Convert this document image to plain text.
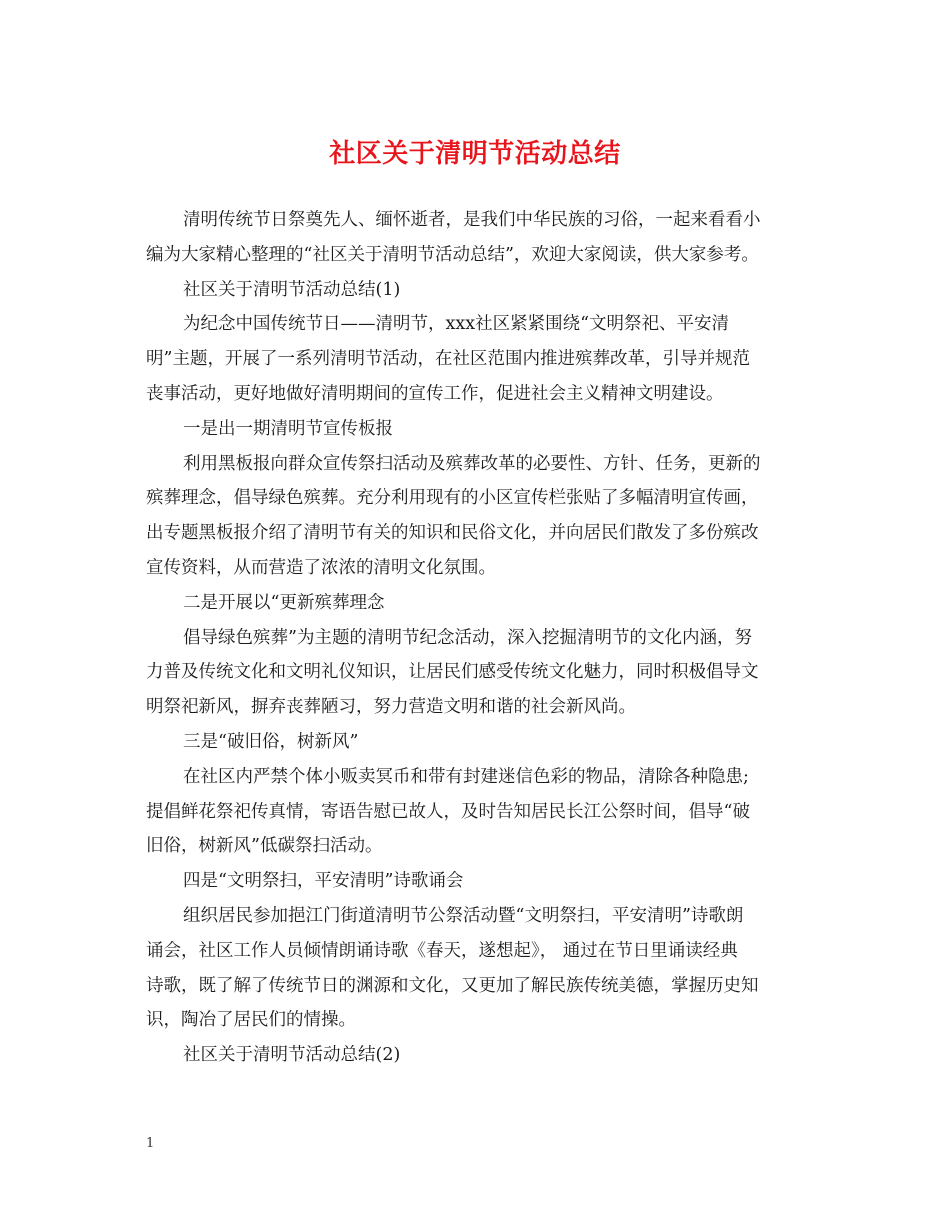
社区关于清明节活动总结
清明传统节日祭奠先人、缅怀逝者，是我们中华民族的习俗，一起来看看小
编为大家精心整理的“社区关于清明节活动总结”，欢迎大家阅读，供大家参考。
社区关于清明节活动总结(1)
为纪念中国传统节日——清明节，xxx社区紧紧围绕“文明祭祀、平安清
明”主题，开展了一系列清明节活动，在社区范围内推进殡葬改革，引导并规范
丧事活动，更好地做好清明期间的宣传工作，促进社会主义精神文明建设。
一是出一期清明节宣传板报
利用黑板报向群众宣传祭扫活动及殡葬改革的必要性、方针、任务，更新的
殡葬理念，倡导绿色殡葬。充分利用现有的小区宣传栏张贴了多幅清明宣传画，
出专题黑板报介绍了清明节有关的知识和民俗文化，并向居民们散发了多份殡改
宣传资料，从而营造了浓浓的清明文化氛围。
二是开展以“更新殡葬理念
倡导绿色殡葬”为主题的清明节纪念活动，深入挖掘清明节的文化内涵，努
力普及传统文化和文明礼仪知识，让居民们感受传统文化魅力，同时积极倡导文
明祭祀新风，摒弃丧葬陋习，努力营造文明和谐的社会新风尚。
三是“破旧俗，树新风”
在社区内严禁个体小贩卖冥币和带有封建迷信色彩的物品，清除各种隐患;
提倡鲜花祭祀传真情，寄语告慰已故人，及时告知居民长江公祭时间，倡导“破
旧俗，树新风”低碳祭扫活动。
四是“文明祭扫，平安清明”诗歌诵会
组织居民参加挹江门街道清明节公祭活动暨“文明祭扫，平安清明”诗歌朗
诵会，社区工作人员倾情朗诵诗歌《春天，遂想起》， 通过在节日里诵读经典
诗歌，既了解了传统节日的渊源和文化，又更加了解民族传统美德，掌握历史知
识，陶冶了居民们的情操。
社区关于清明节活动总结(2)
1
